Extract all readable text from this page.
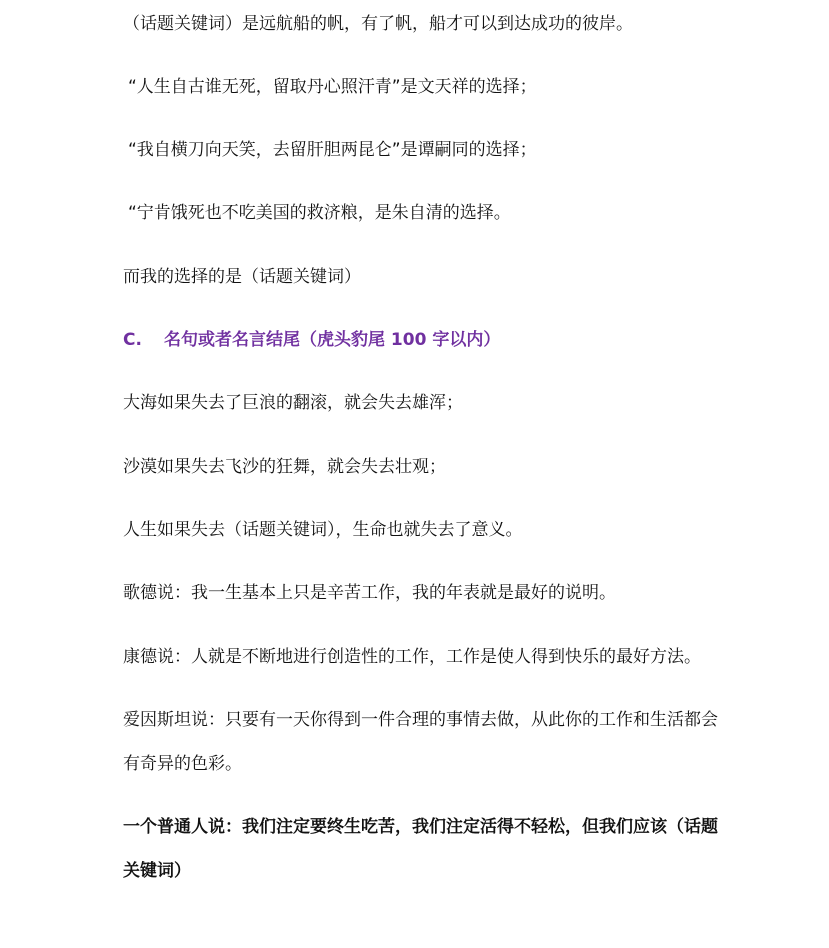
（话题关键词）是远航船的帆，有了帆，船才可以到达成功的彼岸。
“人生自古谁无死，留取丹心照汗青”是文天祥的选择；
“我自横刀向天笑，去留肝胆两昆仑”是谭嗣同的选择；
“宁肯饿死也不吃美国的救济粮，是朱自清的选择。
而我的选择的是（话题关键词）
C. 名句或者名言结尾（虎头豹尾 100 字以内）
大海如果失去了巨浪的翻滚，就会失去雄浑；
沙漠如果失去飞沙的狂舞，就会失去壮观；
人生如果失去（话题关键词），生命也就失去了意义。
歌德说：我一生基本上只是辛苦工作，我的年表就是最好的说明。
康德说：人就是不断地进行创造性的工作，工作是使人得到快乐的最好方法。
爱因斯坦说：只要有一天你得到一件合理的事情去做，从此你的工作和生活都会
有奇异的色彩。
一个普通人说：我们注定要终生吃苦，我们注定活得不轻松，但我们应该（话题
关键词）
